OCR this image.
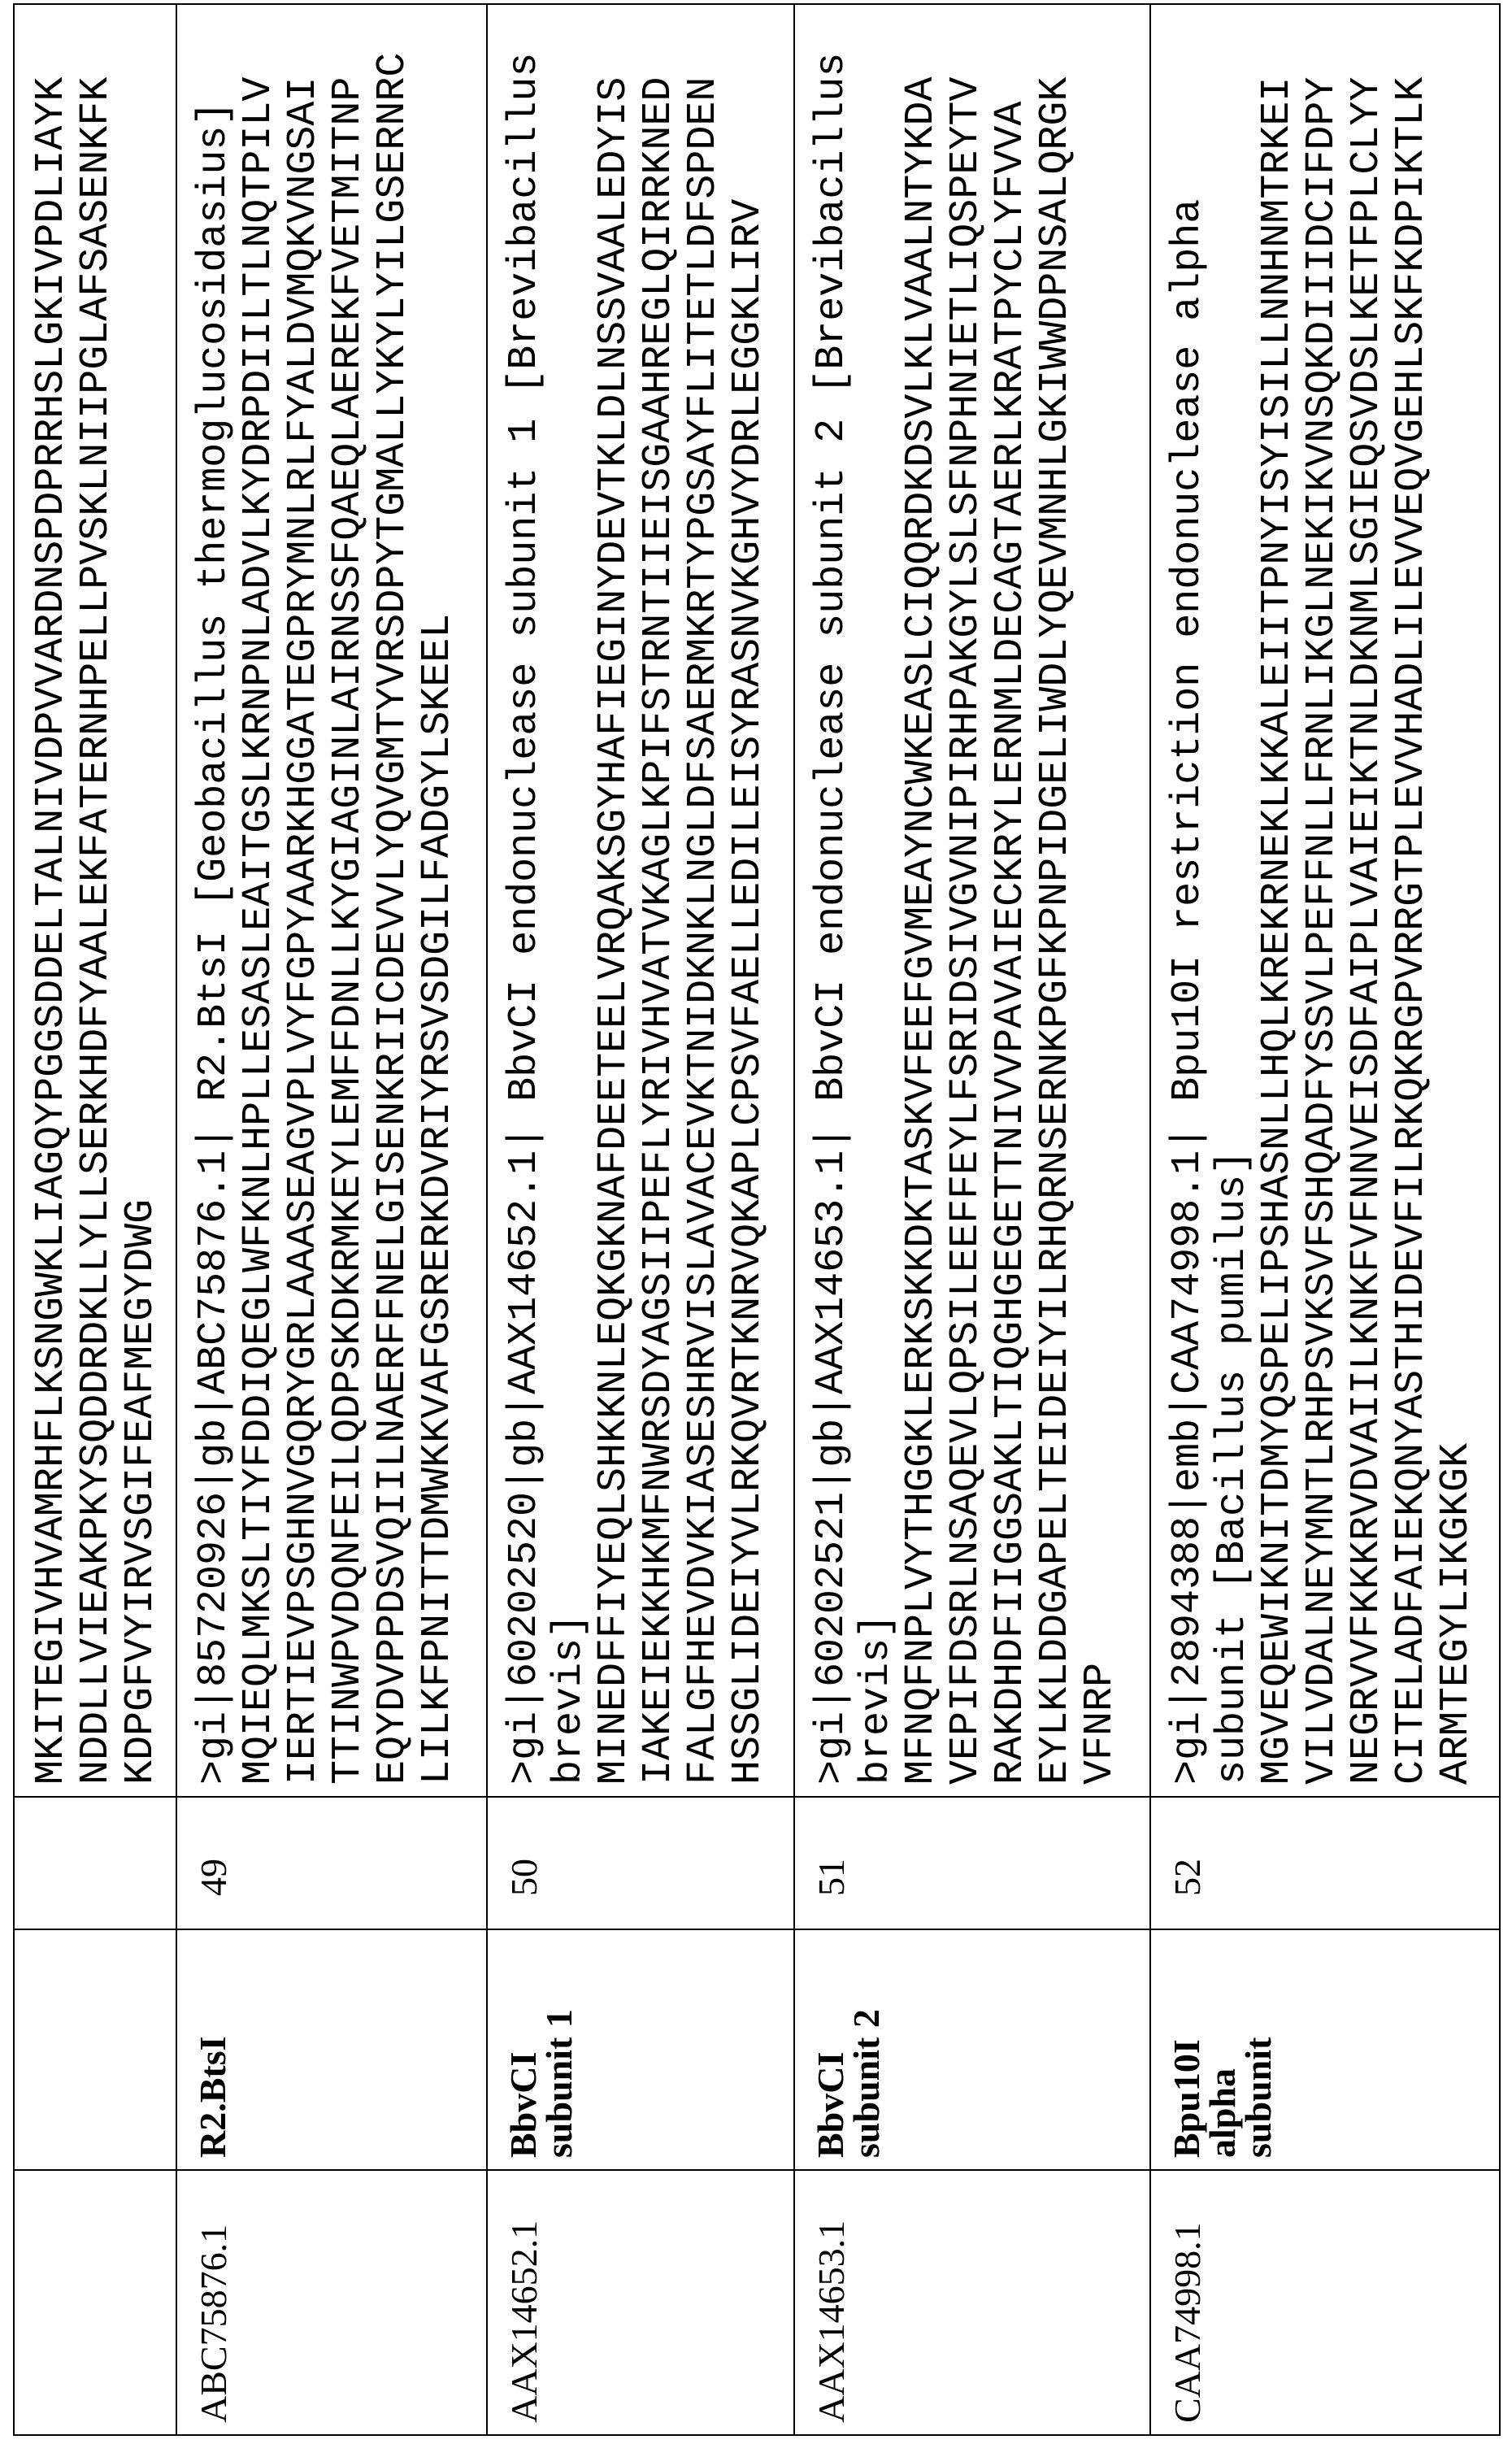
MKITEGIVHVAMRHFLKSNGWKLIAGQYPGGSDDELTALNIVDPVVARDNSPDPRRHSLGKIVPDLIAYK
NDDLLVIEAKPKYSQDDRDKLLYLLSERKHDFYAALEKFATERNHPELLPVSKLNIIPGLAFSASENKFK
KDPGFVYIRVSGIFEAFMEGYDWG

ABC75876.1	
R2.BtsI
	49	
>gi|85720926|gb|ABC75876.1| R2.BtsI [Geobacillus thermoglucosidasius]
MQIEQLMKSLTIYFDDIQEGLWFKNLHPLLESASLEAITGSLKRNPNLADVLKYDRPDIILTLNQTPILV
IERTIEVPSGHNVGQRYGRLAAASEAGVPLVYFGPYAARKHGGATEGPRYMNLRLFYALDVMQKVNGSAI
TTINWPVDQNFEILQDPSKDKRMKEYLEMFFDNLLKYGIAGINLAIRNSSFQAEQLAEREKFVETMITNP
EQYDVPPDSVQIILNAERFFNELGISENKRIICDEVVLYQVGMTYVRSDPYTGMALLYKYLYILGSERNRC
LILKFPNITTDMWKKVAFGSRERKDVRIYRSVSDGILFADGYLSKEEL

AAX14652.1	
BbvCI
subunit 1
	50	
>gi|60202520|gb|AAX14652.1| BbvCI endonuclease subunit 1 [Brevibacillus
brevis]
MINEDFFIYEQLSHKKNLEQKGKNAFDEETEELVRQAKSGYHAFIEGINYDEVTKLDLNSSVAALEDYIS
IAKEIEKKHKMFNWRSDYAGSIIPEFLYRIVHVATVKAGLKPIFSTRNTIIEISGAAHREGLQIRRKNED
FALGFHEVDVKIASESHRVISLAVACEVKTNIDKNKLNGLDFSAERMKRTYPGSAYFLITETLDFSPDEN
HSSGLIDEIYVLRKQVRTKNRVQKAPLCPSVFAELLEDILEISYRASNVKGHVYDRLEGGKLIRV

AAX14653.1	
BbvCI
subunit 2
	51	
>gi|60202521|gb|AAX14653.1| BbvCI endonuclease subunit 2 [Brevibacillus
brevis]
MFNQFNPLVYTHGGKLERKSKKDKTASKVFEEFGVMEAYNCWKEASLCIQQRDKDSVLKLVAALNTYKDA
VEPIFDSRLNSAQEVLQPSILEEFFEYLFSRIDSIVGVNIPIRHPAKGYLSLSFNPHNIETLIQSPEYTV
RAKDHDFIIGGSAKLTIQGHGEGETTNIVVPAVAIECKRYLERNMLDECAGTAERLKRATPYCLYFVVA
EYLKLDDGAPELTEIDEIYILRHQRNSERNKPGFKPNPIDGELIWDLYQEVMNHLGKIWWDPNSALQRGK
VFNRP

CAA74998.1	
Bpu10I
alpha
subunit
	52	
>gi|2894388|emb|CAA74998.1| Bpu10I restriction endonuclease alpha
subunit [Bacillus pumilus]
MGVEQEWIKNITDMYQSPELIPSHASNLLHQLKREKRNEKLKKALEIITPNYISYISILLNNHNMTRKEI
VILVDALNEYMNTLRHPSVKSVFSHQADFYSSVLPEFFNLLFRNLIKGLNEKIKVNSQKDIIIDCIFDPY
NEGRVVFKKKRVDVAIILKNKFVFNNVEISDFAIPLVAIEIKTNLDKNMLSGIEQSVDSLKETFPLCLYY
CITELADFAIEKQNYASTHIDEVFILRKQKRGPVRRGTPLEVVHADLILEVVEQVGEHLSKFKDPIKTLK
ARMTEGYLIKGKGK
